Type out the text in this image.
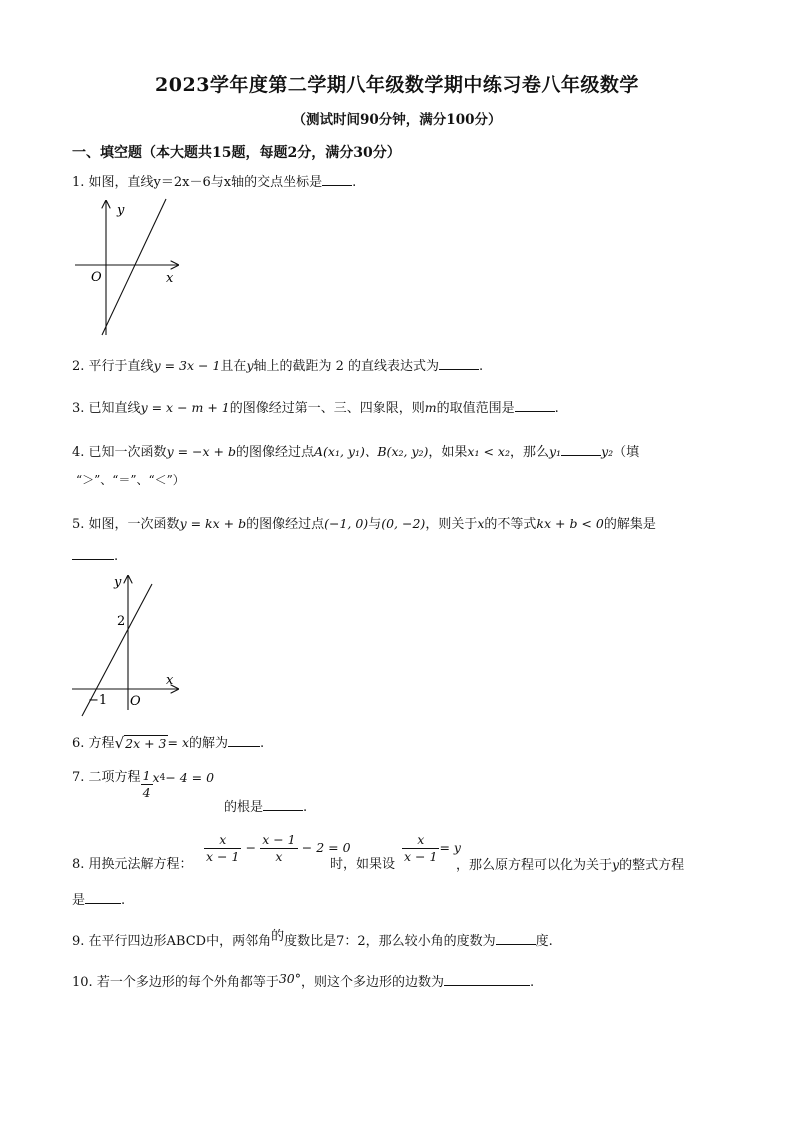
2023学年度第二学期八年级数学期中练习卷八年级数学
（测试时间90分钟，满分100分）
一、填空题（本大题共15题，每题2分，满分30分）
1. 如图，直线y＝2x－6与x轴的交点坐标是 .
y
x
O
2. 平行于直线y = 3x − 1且在y轴上的截距为 2 的直线表达式为	.
3. 已知直线y = x − m + 1的图像经过第一、三、四象限，则m的取值范围是	.
4. 已知一次函数y = −x + b的图像经过点A(x₁, y₁)、B(x₂, y₂)，如果x₁ < x₂，那么y₁	y₂（填
“＞”、“＝”、“＜”）
5. 如图，一次函数y = kx + b的图像经过点(−1, 0)与(0, −2)，则关于x的不等式kx + b < 0的解集是
.
y
x
O
2
−1
6. 方程√2x + 3= x的解为 .
7. 二项方程 $\frac{1}{4} x^4- 4 = 0$
的根是	.
$\frac{x}{x - 1} - \frac{x - 1}{x} - 2 = 0$
8. 用换元法解方程：	时，如果设 $\frac{x}{x - 1} = y$
，那么原方程可以化为关于y的整式方程
是	.
9. 在平行四边形ABCD中，两邻角的度数比是7：2，那么较小角的度数为	度.
10. 若一个多边形的每个外角都等于30°，则这个多边形的边数为	.
